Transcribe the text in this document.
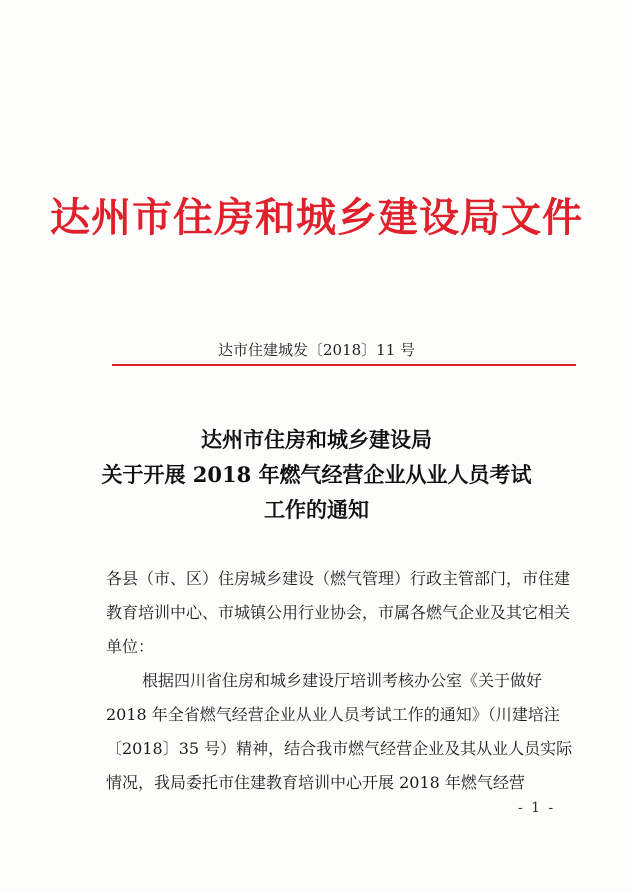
达州市住房和城乡建设局文件
达市住建城发〔2018〕11 号
达州市住房和城乡建设局
关于开展 2018 年燃气经营企业从业人员考试
工作的通知

各县（市、区）住房城乡建设（燃气管理）行政主管部门，市住建教育培训中心、市城镇公用行业协会，市属各燃气企业及其它相关单位：

根据四川省住房和城乡建设厅培训考核办公室《关于做好 2018 年全省燃气经营企业从业人员考试工作的通知》（川建培注〔2018〕35 号）精神，结合我市燃气经营企业及其从业人员实际情况，我局委托市住建教育培训中心开展 2018 年燃气经营

- 1 -
